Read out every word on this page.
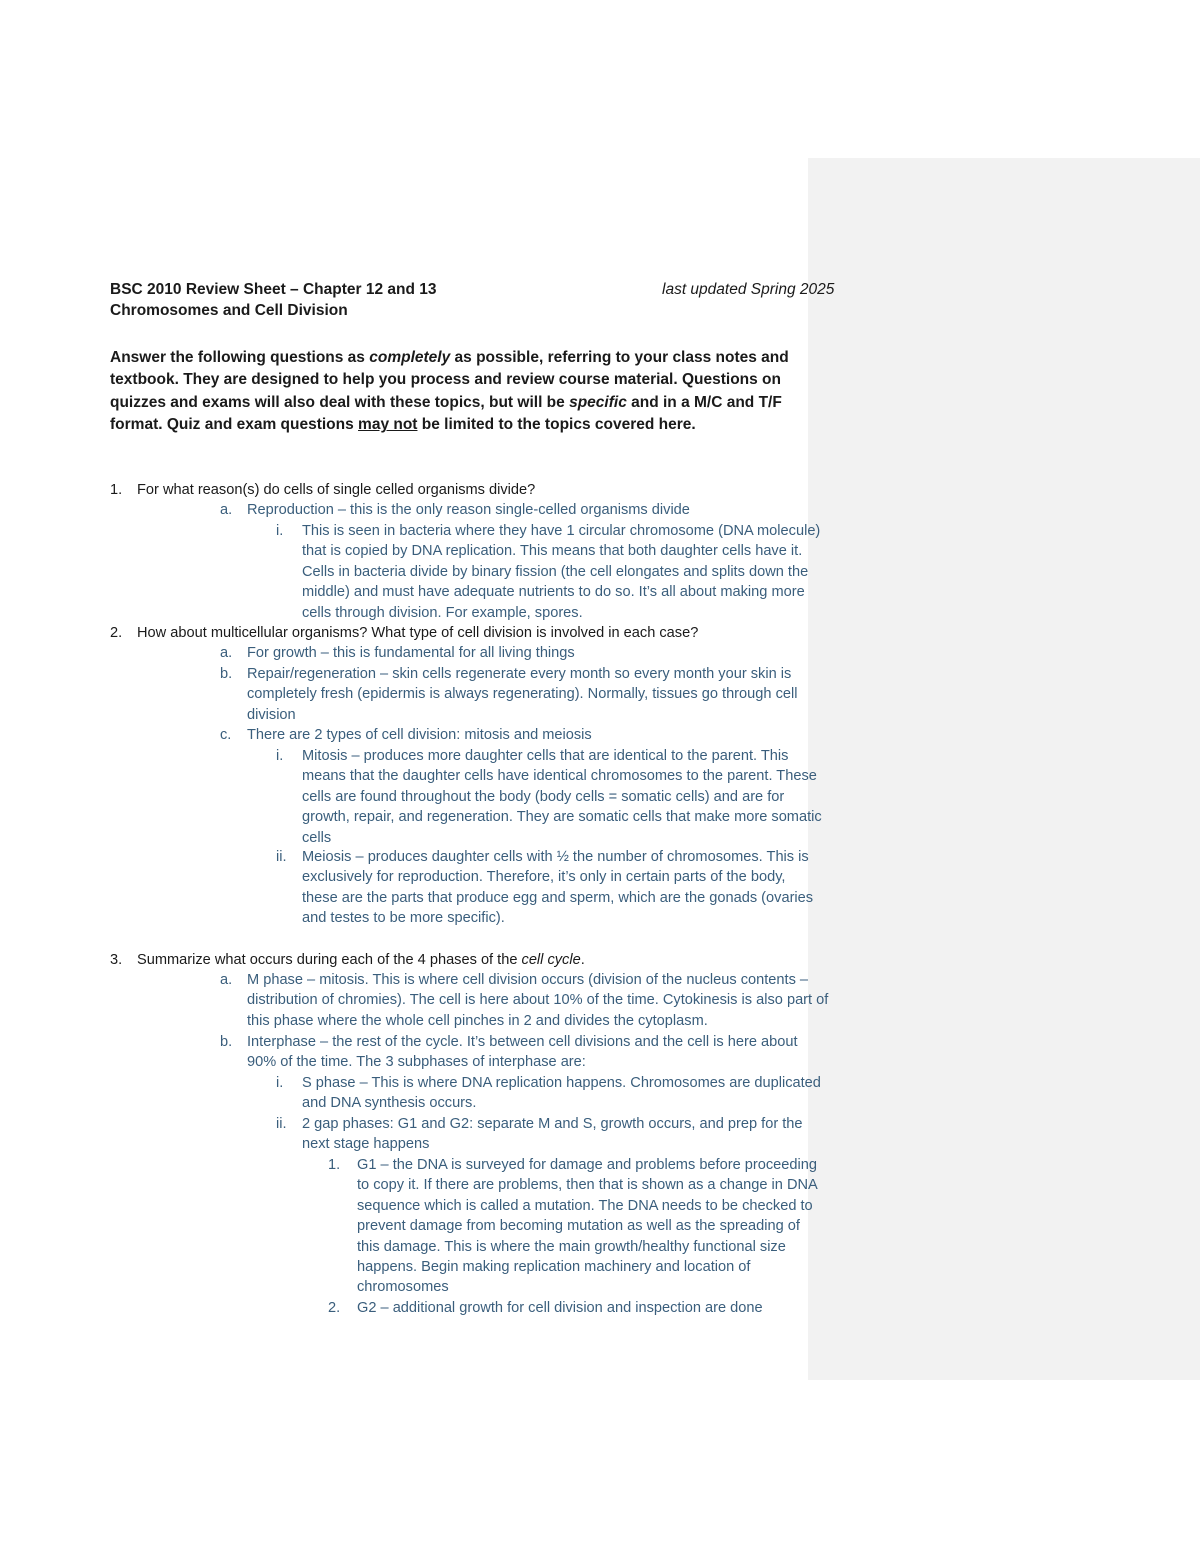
BSC 2010 Review Sheet – Chapter 12 and 13	last updated Spring 2025
Chromosomes and Cell Division
Answer the following questions as completely as possible, referring to your class notes and textbook. They are designed to help you process and review course material. Questions on quizzes and exams will also deal with these topics, but will be specific and in a M/C and T/F format. Quiz and exam questions may not be limited to the topics covered here.
1. For what reason(s) do cells of single celled organisms divide?
a. Reproduction – this is the only reason single-celled organisms divide
i. This is seen in bacteria where they have 1 circular chromosome (DNA molecule) that is copied by DNA replication. This means that both daughter cells have it. Cells in bacteria divide by binary fission (the cell elongates and splits down the middle) and must have adequate nutrients to do so. It’s all about making more cells through division. For example, spores.
2. How about multicellular organisms? What type of cell division is involved in each case?
a. For growth – this is fundamental for all living things
b. Repair/regeneration – skin cells regenerate every month so every month your skin is completely fresh (epidermis is always regenerating). Normally, tissues go through cell division
c. There are 2 types of cell division: mitosis and meiosis
i. Mitosis – produces more daughter cells that are identical to the parent. This means that the daughter cells have identical chromosomes to the parent. These cells are found throughout the body (body cells = somatic cells) and are for growth, repair, and regeneration. They are somatic cells that make more somatic cells
ii. Meiosis – produces daughter cells with ½ the number of chromosomes. This is exclusively for reproduction. Therefore, it’s only in certain parts of the body, these are the parts that produce egg and sperm, which are the gonads (ovaries and testes to be more specific).
3. Summarize what occurs during each of the 4 phases of the cell cycle.
a. M phase – mitosis. This is where cell division occurs (division of the nucleus contents – distribution of chromies). The cell is here about 10% of the time. Cytokinesis is also part of this phase where the whole cell pinches in 2 and divides the cytoplasm.
b. Interphase – the rest of the cycle. It’s between cell divisions and the cell is here about 90% of the time. The 3 subphases of interphase are:
i. S phase – This is where DNA replication happens. Chromosomes are duplicated and DNA synthesis occurs.
ii. 2 gap phases: G1 and G2: separate M and S, growth occurs, and prep for the next stage happens
1. G1 – the DNA is surveyed for damage and problems before proceeding to copy it. If there are problems, then that is shown as a change in DNA sequence which is called a mutation. The DNA needs to be checked to prevent damage from becoming mutation as well as the spreading of this damage. This is where the main growth/healthy functional size happens. Begin making replication machinery and location of chromosomes
2. G2 – additional growth for cell division and inspection are done
